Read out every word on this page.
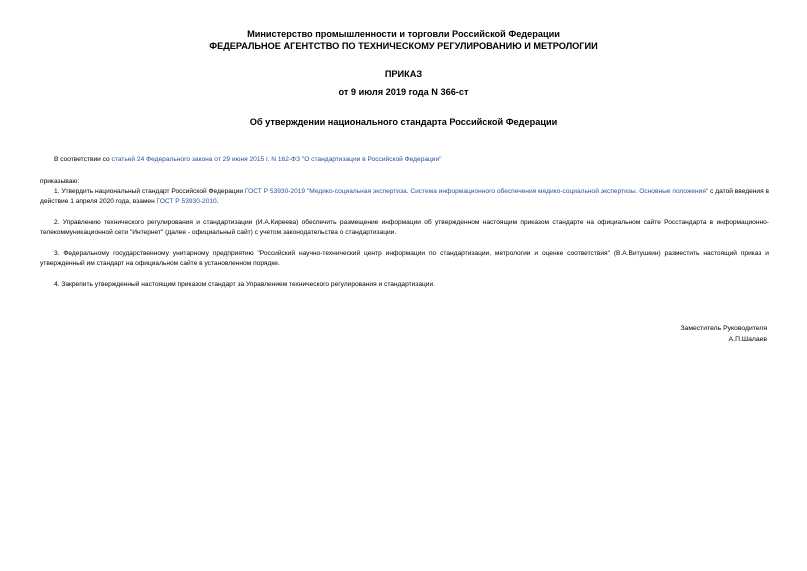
Министерство промышленности и торговли Российской Федерации
ФЕДЕРАЛЬНОЕ АГЕНТСТВО ПО ТЕХНИЧЕСКОМУ РЕГУЛИРОВАНИЮ И МЕТРОЛОГИИ
ПРИКАЗ
от 9 июля 2019 года N 366-ст
Об утверждении национального стандарта Российской Федерации
В соответствии со статьей 24 Федерального закона от 29 июня 2015 г. N 162-ФЗ "О стандартизации в Российской Федерации"
приказываю:
1. Утвердить национальный стандарт Российской Федерации ГОСТ Р 53930-2019 "Медико-социальная экспертиза. Система информационного обеспечения медико-социальной экспертизы. Основные положения" с датой введения в действие 1 апреля 2020 года, взамен ГОСТ Р 53930-2010.
2. Управлению технического регулирования и стандартизации (И.А.Киреева) обеспечить размещение информации об утвержденном настоящим приказом стандарте на официальном сайте Росстандарта в информационно-телекоммуникационной сети "Интернет" (далее - официальный сайт) с учетом законодательства о стандартизации.
3. Федеральному государственному унитарному предприятию "Российский научно-технический центр информации по стандартизации, метрологии и оценке соответствия" (В.А.Витушкин) разместить настоящий приказ и утвержденный им стандарт на официальном сайте в установленном порядке.
4. Закрепить утвержденный настоящим приказом стандарт за Управлением технического регулирования и стандартизации.
Заместитель Руководителя
А.П.Шалаев
